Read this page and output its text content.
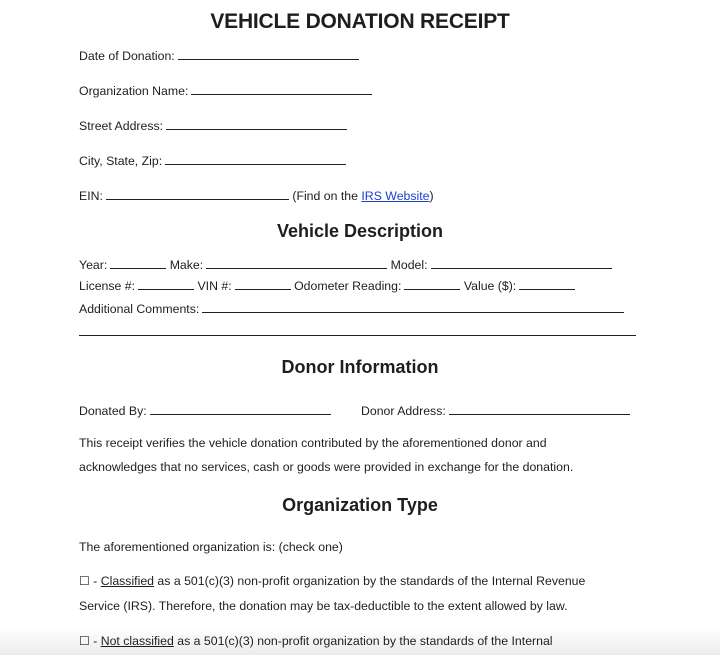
VEHICLE DONATION RECEIPT
Date of Donation:
Organization Name:
Street Address:
City, State, Zip:
EIN:	(Find on the IRS Website)
Vehicle Description
Year:	Make:	Model:
License #:	VIN #:	Odometer Reading:	Value ($):
Additional Comments:
Donor Information
Donated By:	Donor Address:
This receipt verifies the vehicle donation contributed by the aforementioned donor and
acknowledges that no services, cash or goods were provided in exchange for the donation.
Organization Type
The aforementioned organization is: (check one)
☐ - Classified as a 501(c)(3) non-profit organization by the standards of the Internal Revenue
Service (IRS). Therefore, the donation may be tax-deductible to the extent allowed by law.
☐ - Not classified as a 501(c)(3) non-profit organization by the standards of the Internal
